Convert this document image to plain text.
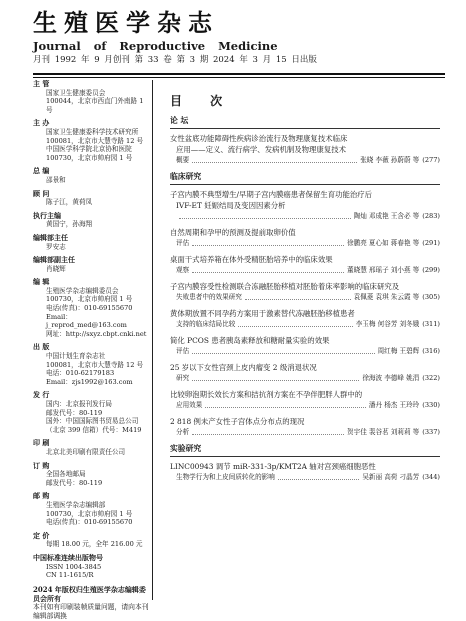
生殖医学杂志
Journal of Reproductive Medicine
月刊 1992 年 9 月创刊 第 33 卷 第 3 期 2024 年 3 月 15 日出版
主 管
国家卫生健康委员会
100044，北京市西直门外南路 1 号
主 办
国家卫生健康委科学技术研究所
100081，北京市大慧寺路 12 号
中国医学科学院北京协和医院
100730，北京市帅府园 1 号
总 编
邵景和
顾 问
陈子江，黄荷凤
执行主编
黄国宁，孙海翔
编辑部主任
罗安志
编辑部副主任
肖晓辉
编 辑
生殖医学杂志编辑委员会
100730，北京市帅府园 1 号
电话(传真)：010-69155670
Email：j_reprod_med@163.com
网址：http://sxyz.cbpt.cnki.net
出 版
中国计划生育杂志社
100081，北京市大慧寺路 12 号
电话：010-62179183
Email：zjs1992@163.com
发 行
国内：北京报刊发行局
邮发代号：80-119
国外：中国国际图书贸易总公司
（北京 399 信箱）代号：M419
印 刷
北京北美印刷有限责任公司
订 购
全国各地邮局
邮发代号：80-119
邮 购
生殖医学杂志编辑部
100730，北京市帅府园 1 号
电话(传真)：010-69155670
定 价
每期 18.00 元，全年 216.00 元
中国标准连续出版物号
ISSN 1004-3845
CN 11-1615/R
2024 年版权归生殖医学杂志编辑委员会所有
本刊如有印刷装帧质量问题，请向本刊编辑部调换
目 次
论 坛
女性盆底功能障碍性疾病诊治流行及物理康复技术临床
应用——定义、流行病学、发病机制及物理康复技术
概要	张晓 李薇 孙蔚蔚 等 (277)
临床研究
子宫内膜不典型增生/早期子宫内膜癌患者保留生育功能治疗后
IVF-ET 妊娠结局及变因因素分析
陶灿 邓成艳 王含必 等 (283)
自然周期和孕甲的预测及提前取卵价值
评估	徐鹏亮 夏心如 蒋春艳 等 (291)
桌面干式培养箱在体外受精胚胎培养中的临床效果
观察	董晓慧 邢瑶子 刘小燕 等 (299)
子宫内膜容受性检测联合冻融胚胎移植对胚胎着床率影响的临床研究及
失败患者中的效果研究	袁佩菱 袁琪 朱云霞 等 (305)
黄体期放置不同孕药方案用于激素替代冻融胚胎移植患者
支持的临床结局比较	李玉梅 何谷芳 刘冬娥 (311)
简化 PCOS 患者胰岛素释放和糖耐量实验的效果
评估	周红梅 王碧辉 (316)
25 岁以下女性宫颈上皮内瘤变 2 级消退状况
研究	徐海波 李德峰 姚涓 (322)
比较卵泡期长效长方案和拮抗剂方案在不孕伴肥胖人群中的
应用效果	潘丹 杨杰 王玲玲 (330)
2 818 例未产女性子宫体点分布点的现况
分析	贺宇佳 裴谷茗 刘莉莉 等 (337)
实验研究
LINC00943 调节 miR-331-3p/KMT2A 轴对宫颈癌细胞恶性
生物学行为和上皮间质转化的影响	吴新丽 高荷 刁晶芳 (344)
